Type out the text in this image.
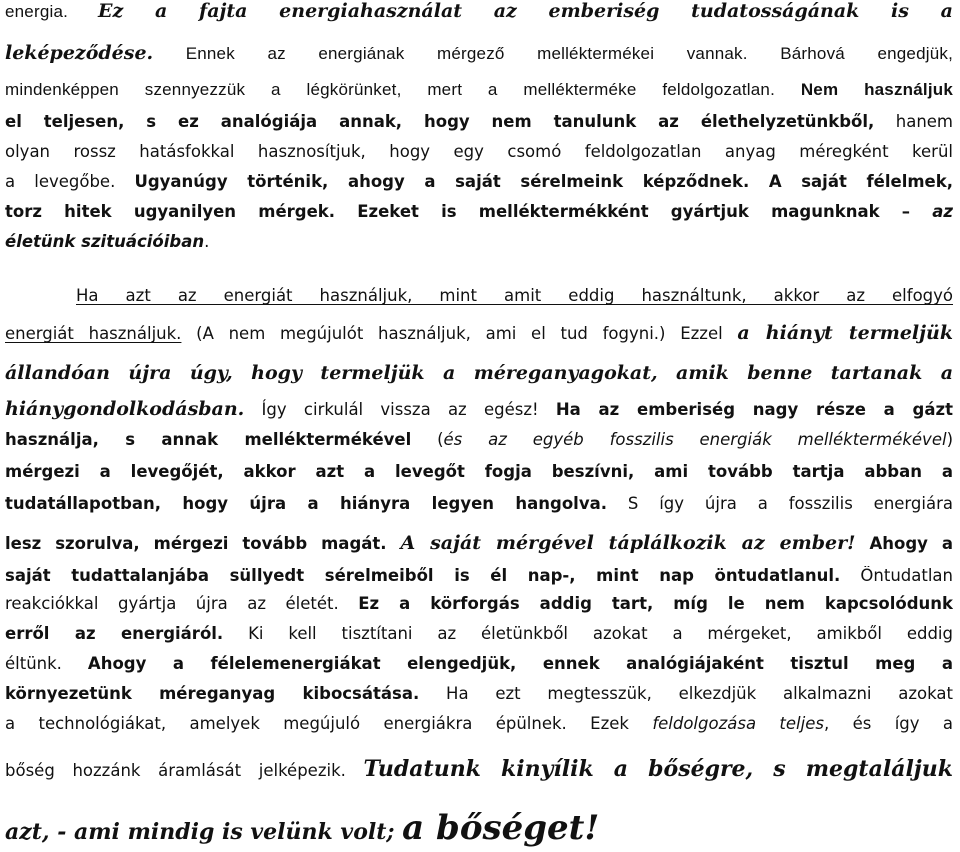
energia. Ez a fajta energiahasználat az emberiség tudatosságának is a
leképeződése. Ennek az energiának mérgező melléktermékei vannak. Bárhová engedjük,
mindenképpen szennyezzük a légkörünket, mert a mellékterméke feldolgozatlan. Nem használjuk
el teljesen, s ez analógiája annak, hogy nem tanulunk az élethelyzetünkből, hanem
olyan rossz hatásfokkal hasznosítjuk, hogy egy csomó feldolgozatlan anyag méregként kerül
a levegőbe. Ugyanúgy történik, ahogy a saját sérelmeink képződnek. A saját félelmek,
torz hitek ugyanilyen mérgek. Ezeket is melléktermékként gyártjuk magunknak – az
életünk szituációiban.
Ha azt az energiát használjuk, mint amit eddig használtunk, akkor az elfogyó
energiát használjuk. (A nem megújulót használjuk, ami el tud fogyni.) Ezzel a hiányt termeljük
állandóan újra úgy, hogy termeljük a méreganyagokat, amik benne tartanak a
hiánygondolkodásban. Így cirkulál vissza az egész! Ha az emberiség nagy része a gázt
használja, s annak melléktermékével (és az egyéb fosszilis energiák melléktermékével)
mérgezi a levegőjét, akkor azt a levegőt fogja beszívni, ami tovább tartja abban a
tudatállapotban, hogy újra a hiányra legyen hangolva. S így újra a fosszilis energiára
lesz szorulva, mérgezi tovább magát. A saját mérgével táplálkozik az ember! Ahogy a
saját tudattalanjába süllyedt sérelmeiből is él nap-, mint nap öntudatlanul. Öntudatlan
reakciókkal gyártja újra az életét. Ez a körforgás addig tart, míg le nem kapcsolódunk
erről az energiáról. Ki kell tisztítani az életünkből azokat a mérgeket, amikből eddig
éltünk. Ahogy a félelemenergiákat elengedjük, ennek analógiájaként tisztul meg a
környezetünk méreganyag kibocsátása. Ha ezt megtesszük, elkezdjük alkalmazni azokat
a technológiákat, amelyek megújuló energiákra épülnek. Ezek feldolgozása teljes, és így a
bőség hozzánk áramlását jelképezik. Tudatunk kinyílik a bőségre, s megtaláljuk
azt, - ami mindig is velünk volt; a bőséget!
